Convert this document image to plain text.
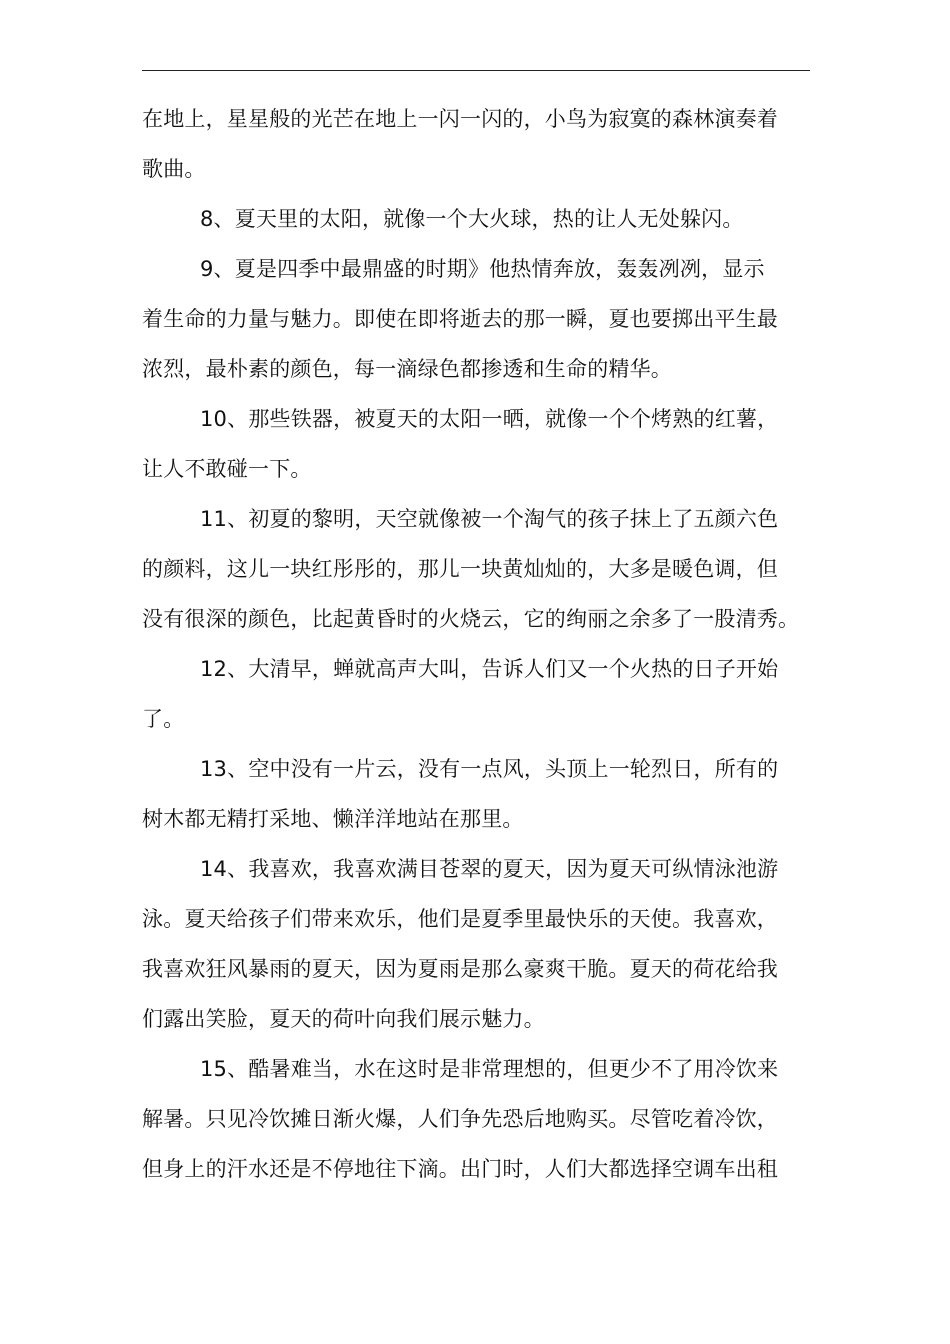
在地上，星星般的光芒在地上一闪一闪的，小鸟为寂寞的森林演奏着
歌曲。
8、夏天里的太阳，就像一个大火球，热的让人无处躲闪。
9、夏是四季中最鼎盛的时期》他热情奔放，轰轰冽冽，显示
着生命的力量与魅力。即使在即将逝去的那一瞬，夏也要掷出平生最
浓烈，最朴素的颜色，每一滴绿色都掺透和生命的精华。
10、那些铁器，被夏天的太阳一晒，就像一个个烤熟的红薯，
让人不敢碰一下。
11、初夏的黎明，天空就像被一个淘气的孩子抹上了五颜六色
的颜料，这儿一块红彤彤的，那儿一块黄灿灿的，大多是暖色调，但
没有很深的颜色，比起黄昏时的火烧云，它的绚丽之余多了一股清秀。
12、大清早，蝉就高声大叫，告诉人们又一个火热的日子开始
了。
13、空中没有一片云，没有一点风，头顶上一轮烈日，所有的
树木都无精打采地、懒洋洋地站在那里。
14、我喜欢，我喜欢满目苍翠的夏天，因为夏天可纵情泳池游
泳。夏天给孩子们带来欢乐，他们是夏季里最快乐的天使。我喜欢，
我喜欢狂风暴雨的夏天，因为夏雨是那么豪爽干脆。夏天的荷花给我
们露出笑脸，夏天的荷叶向我们展示魅力。
15、酷暑难当，水在这时是非常理想的，但更少不了用冷饮来
解暑。只见冷饮摊日渐火爆，人们争先恐后地购买。尽管吃着冷饮，
但身上的汗水还是不停地往下滴。出门时，人们大都选择空调车出租
